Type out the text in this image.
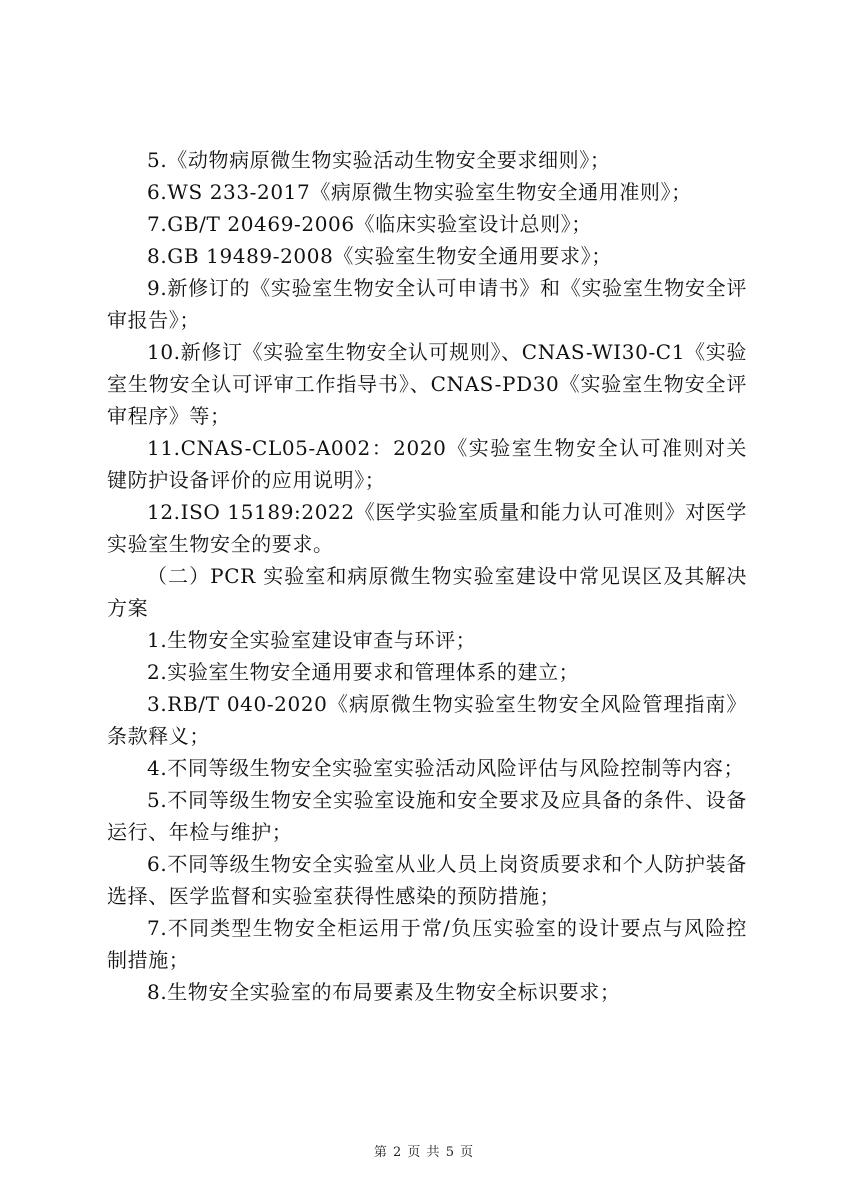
5.《动物病原微生物实验活动生物安全要求细则》；

6.WS 233-2017《病原微生物实验室生物安全通用准则》；

7.GB/T 20469-2006《临床实验室设计总则》；

8.GB 19489-2008《实验室生物安全通用要求》；

9.新修订的《实验室生物安全认可申请书》和《实验室生物安全评审报告》；

10.新修订《实验室生物安全认可规则》、CNAS-WI30-C1《实验室生物安全认可评审工作指导书》、CNAS-PD30《实验室生物安全评审程序》等；

11.CNAS-CL05-A002：2020《实验室生物安全认可准则对关键防护设备评价的应用说明》；

12.ISO 15189:2022《医学实验室质量和能力认可准则》对医学实验室生物安全的要求。

（二）PCR 实验室和病原微生物实验室建设中常见误区及其解决方案

1.生物安全实验室建设审查与环评；

2.实验室生物安全通用要求和管理体系的建立；

3.RB/T 040-2020《病原微生物实验室生物安全风险管理指南》条款释义；

4.不同等级生物安全实验室实验活动风险评估与风险控制等内容；

5.不同等级生物安全实验室设施和安全要求及应具备的条件、设备运行、年检与维护；

6.不同等级生物安全实验室从业人员上岗资质要求和个人防护装备选择、医学监督和实验室获得性感染的预防措施；

7.不同类型生物安全柜运用于常/负压实验室的设计要点与风险控制措施；

8.生物安全实验室的布局要素及生物安全标识要求；

第 2 页 共 5 页
